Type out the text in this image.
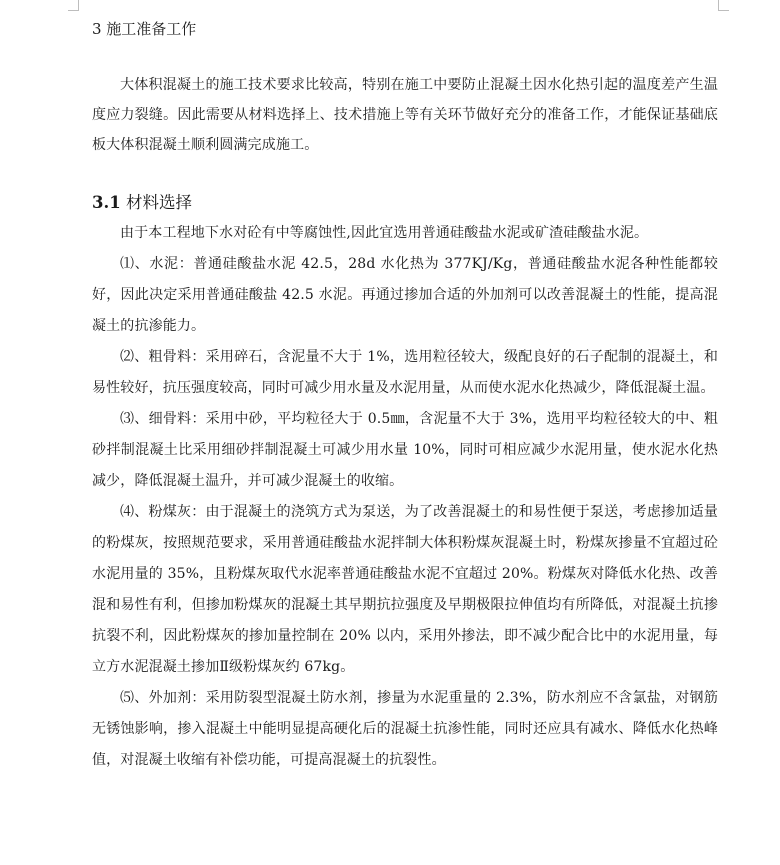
3 施工准备工作

大体积混凝土的施工技术要求比较高，特别在施工中要防止混凝土因水化热引起的温度差产生温度应力裂缝。因此需要从材料选择上、技术措施上等有关环节做好充分的准备工作，才能保证基础底板大体积混凝土顺利圆满完成施工。

3.1 材料选择

由于本工程地下水对砼有中等腐蚀性,因此宜选用普通硅酸盐水泥或矿渣硅酸盐水泥。

⑴、水泥：普通硅酸盐水泥 42.5，28d 水化热为 377KJ/Kg，普通硅酸盐水泥各种性能都较好，因此决定采用普通硅酸盐 42.5 水泥。再通过掺加合适的外加剂可以改善混凝土的性能，提高混凝土的抗渗能力。

⑵、粗骨料：采用碎石，含泥量不大于 1%，选用粒径较大，级配良好的石子配制的混凝土，和易性较好，抗压强度较高，同时可减少用水量及水泥用量，从而使水泥水化热减少，降低混凝土温。

⑶、细骨料：采用中砂，平均粒径大于 0.5㎜，含泥量不大于 3%，选用平均粒径较大的中、粗砂拌制混凝土比采用细砂拌制混凝土可减少用水量 10%，同时可相应减少水泥用量，使水泥水化热减少，降低混凝土温升，并可减少混凝土的收缩。

⑷、粉煤灰：由于混凝土的浇筑方式为泵送，为了改善混凝土的和易性便于泵送，考虑掺加适量的粉煤灰，按照规范要求，采用普通硅酸盐水泥拌制大体积粉煤灰混凝土时，粉煤灰掺量不宜超过砼水泥用量的 35%，且粉煤灰取代水泥率普通硅酸盐水泥不宜超过 20%。粉煤灰对降低水化热、改善混和易性有利，但掺加粉煤灰的混凝土其早期抗拉强度及早期极限拉伸值均有所降低，对混凝土抗掺抗裂不利，因此粉煤灰的掺加量控制在 20% 以内，采用外掺法，即不减少配合比中的水泥用量，每立方水泥混凝土掺加Ⅱ级粉煤灰约 67kg。

⑸、外加剂：采用防裂型混凝土防水剂，掺量为水泥重量的 2.3%，防水剂应不含氯盐，对钢筋无锈蚀影响，掺入混凝土中能明显提高硬化后的混凝土抗渗性能，同时还应具有减水、降低水化热峰值，对混凝土收缩有补偿功能，可提高混凝土的抗裂性。
